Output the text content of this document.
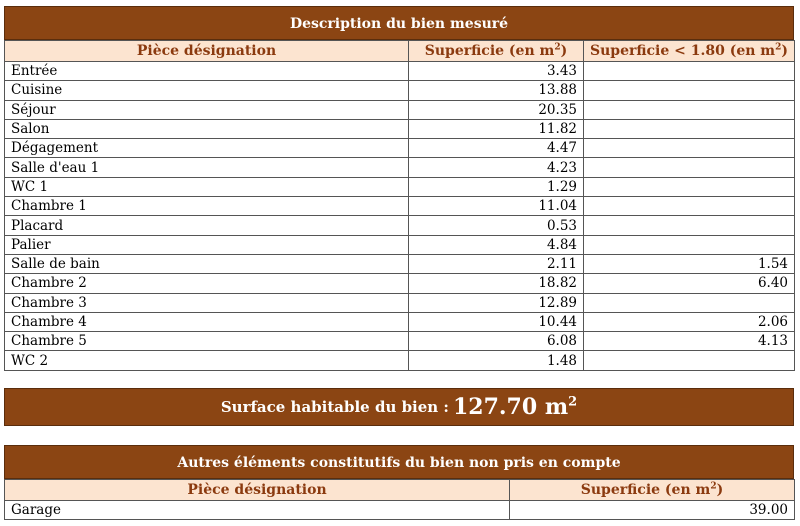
Description du bien mesuré
Pièce désignation	Superficie (en $m^2$)	Superficie < 1.80 (en $m^2$)
Entrée	3.43	
Cuisine	13.88	
Séjour	20.35	
Salon	11.82	
Dégagement	4.47	
Salle d'eau 1	4.23	
WC 1	1.29	
Chambre 1	11.04	
Placard	0.53	
Palier	4.84	
Salle de bain	2.11	1.54
Chambre 2	18.82	6.40
Chambre 3	12.89	
Chambre 4	10.44	2.06
Chambre 5	6.08	4.13
WC 2	1.48	
Surface habitable du bien : 127.70 $m^2$
Autres éléments constitutifs du bien non pris en compte
Pièce désignation	Superficie (en $m^2$)
Garage	39.00
